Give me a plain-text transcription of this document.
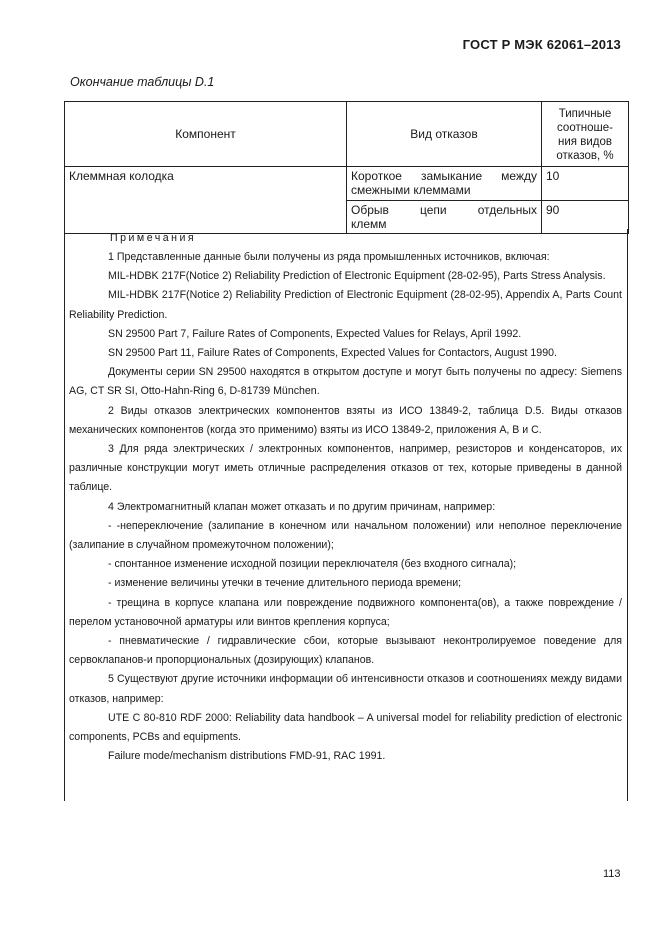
ГОСТ Р МЭК 62061–2013
Окончание таблицы D.1
Компонент	Вид отказов	Типичные
соотноше-
ния видов
отказов, %

Клеммная колодка	Короткое замыкание между
смежными клеммами	10

	Обрыв цепи отдельных
клемм	90
Примечания

1 Представленные данные были получены из ряда промышленных источников, включая:

MIL-HDBK 217F(Notice 2) Reliability Prediction of Electronic Equipment (28-02-95), Parts Stress Analysis.

MIL-HDBK 217F(Notice 2) Reliability Prediction of Electronic Equipment (28-02-95), Appendix A, Parts Count Reliability Prediction.

SN 29500 Part 7, Failure Rates of Components, Expected Values for Relays, April 1992.

SN 29500 Part 11, Failure Rates of Components, Expected Values for Contactors, August 1990.

Документы серии SN 29500 находятся в открытом доступе и могут быть получены по адресу: Siemens AG, CT SR SI, Otto-Hahn-Ring 6, D-81739 München.

2 Виды отказов электрических компонентов взяты из ИСО 13849-2, таблица D.5. Виды отказов механических компонентов (когда это применимо) взяты из ИСО 13849-2, приложения А, В и С.

3 Для ряда электрических / электронных компонентов, например, резисторов и конденсаторов, их различные конструкции могут иметь отличные распределения отказов от тех, которые приведены в данной таблице.

4 Электромагнитный клапан может отказать и по другим причинам, например:

- -непереключение (залипание в конечном или начальном положении) или неполное переключение (залипание в случайном промежуточном положении);

- спонтанное изменение исходной позиции переключателя (без входного сигнала);

- изменение величины утечки в течение длительного периода времени;

- трещина в корпусе клапана или повреждение подвижного компонента(ов), а также повреждение / перелом установочной арматуры или винтов крепления корпуса;

- пневматические / гидравлические сбои, которые вызывают неконтролируемое поведение для сервоклапанов-и пропорциональных (дозирующих) клапанов.

5 Существуют другие источники информации об интенсивности отказов и соотношениях между видами отказов, например:

UTE C 80-810 RDF 2000: Reliability data handbook – A universal model for reliability prediction of electronic components, PCBs and equipments.

Failure mode/mechanism distributions FMD-91, RAC 1991.

113
